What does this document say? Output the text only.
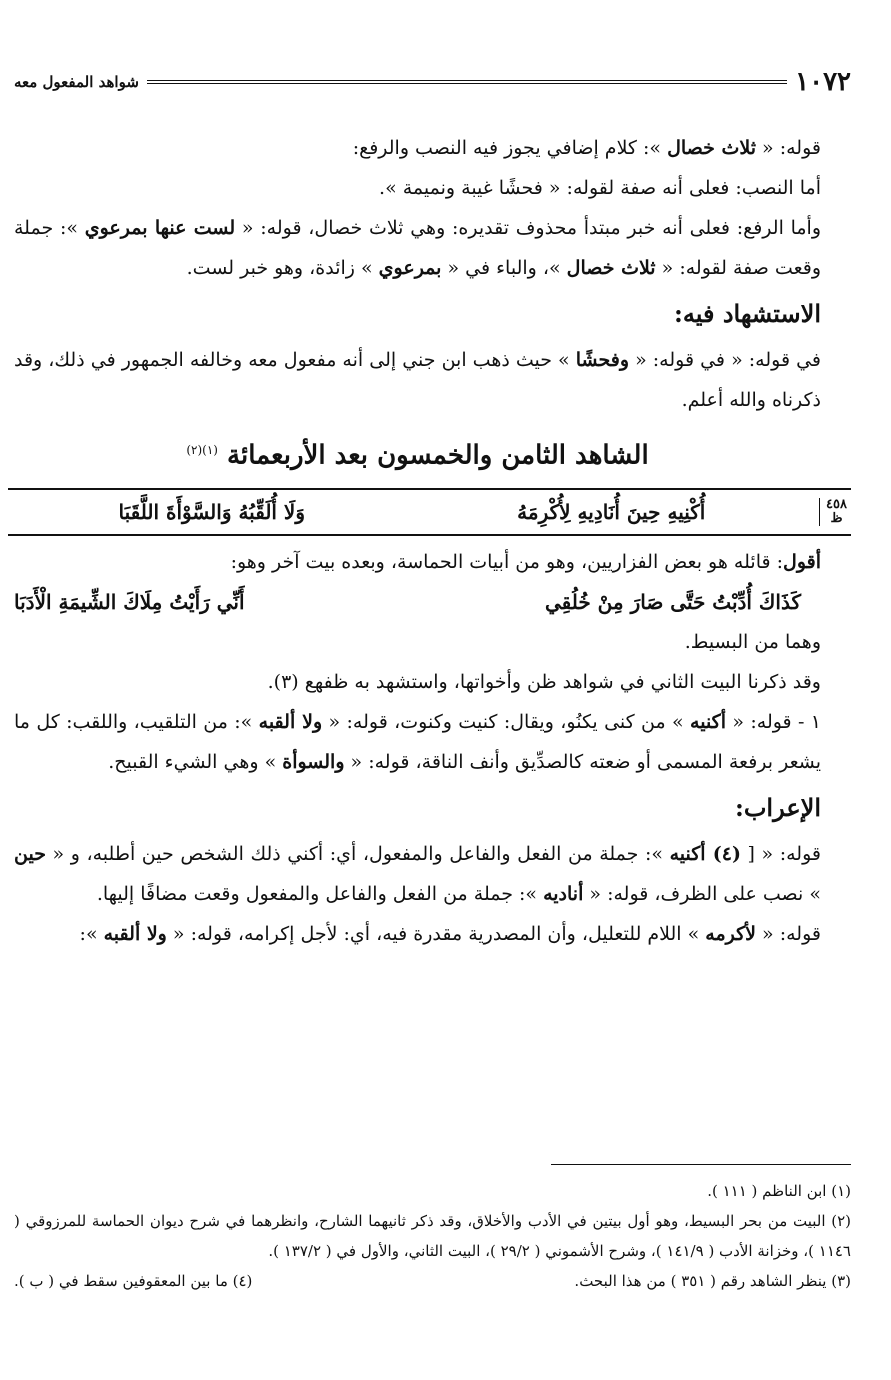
١٠٧٢
شواهد المفعول معه

قوله: « ثلاث خصال »: كلام إضافي يجوز فيه النصب والرفع:

أما النصب: فعلى أنه صفة لقوله: « فحشًا غيبة ونميمة ».

وأما الرفع: فعلى أنه خبر مبتدأ محذوف تقديره: وهي ثلاث خصال، قوله: « لست عنها بمرعوي »: جملة وقعت صفة لقوله: « ثلاث خصال »، والباء في « بمرعوي » زائدة، وهو خبر لست.

الاستشهاد فيه:

في قوله: « في قوله: « وفحشًا » حيث ذهب ابن جني إلى أنه مفعول معه وخالفه الجمهور في ذلك، وقد ذكرناه والله أعلم.

الشاهد الثامن والخمسون بعد الأربعمائة $^{(١)(٢)}$
٤٥٨
ظ
أُكْنِيهِ حِينَ أُنَادِيهِ لِأُكْرِمَهُ
وَلَا أُلَقِّبُهُ وَالسَّوْأَةَ اللَّقَبَا

أقول: قائله هو بعض الفزاريين، وهو من أبيات الحماسة، وبعده بيت آخر وهو:

كَذَاكَ أُدِّبْتُ حَتَّى صَارَ مِنْ خُلُقِي
أَنِّي رَأَيْتُ مِلَاكَ الشِّيمَةِ الْأَدَبَا

وهما من البسيط.

وقد ذكرنا البيت الثاني في شواهد ظن وأخواتها، واستشهد به ظفهع (٣).

١ - قوله: « أكنيه » من كنى يكنُو، ويقال: كنيت وكنوت، قوله: « ولا ألقبه »: من التلقيب، واللقب: كل ما يشعر برفعة المسمى أو ضعته كالصدِّيق وأنف الناقة، قوله: « والسوأة » وهي الشيء القبيح.

الإعراب:

قوله: « [ (٤) أكنيه »: جملة من الفعل والفاعل والمفعول، أي: أكني ذلك الشخص حين أطلبه، و « حين » نصب على الظرف، قوله: « أناديه »: جملة من الفعل والفاعل والمفعول وقعت مضافًا إليها.

قوله: « لأكرمه » اللام للتعليل، وأن المصدرية مقدرة فيه، أي: لأجل إكرامه، قوله: « ولا ألقبه »:

(١) ابن الناظم ( ١١١ ).

(٢) البيت من بحر البسيط، وهو أول بيتين في الأدب والأخلاق، وقد ذكر ثانيهما الشارح، وانظرهما في شرح ديوان الحماسة للمرزوقي ( ١١٤٦ )، وخزانة الأدب ( ١٤١/٩ )، وشرح الأشموني ( ٢٩/٢ )، البيت الثاني، والأول في ( ١٣٧/٢ ).

(٣) ينظر الشاهد رقم ( ٣٥١ ) من هذا البحث.
(٤) ما بين المعقوفين سقط في ( ب ).
